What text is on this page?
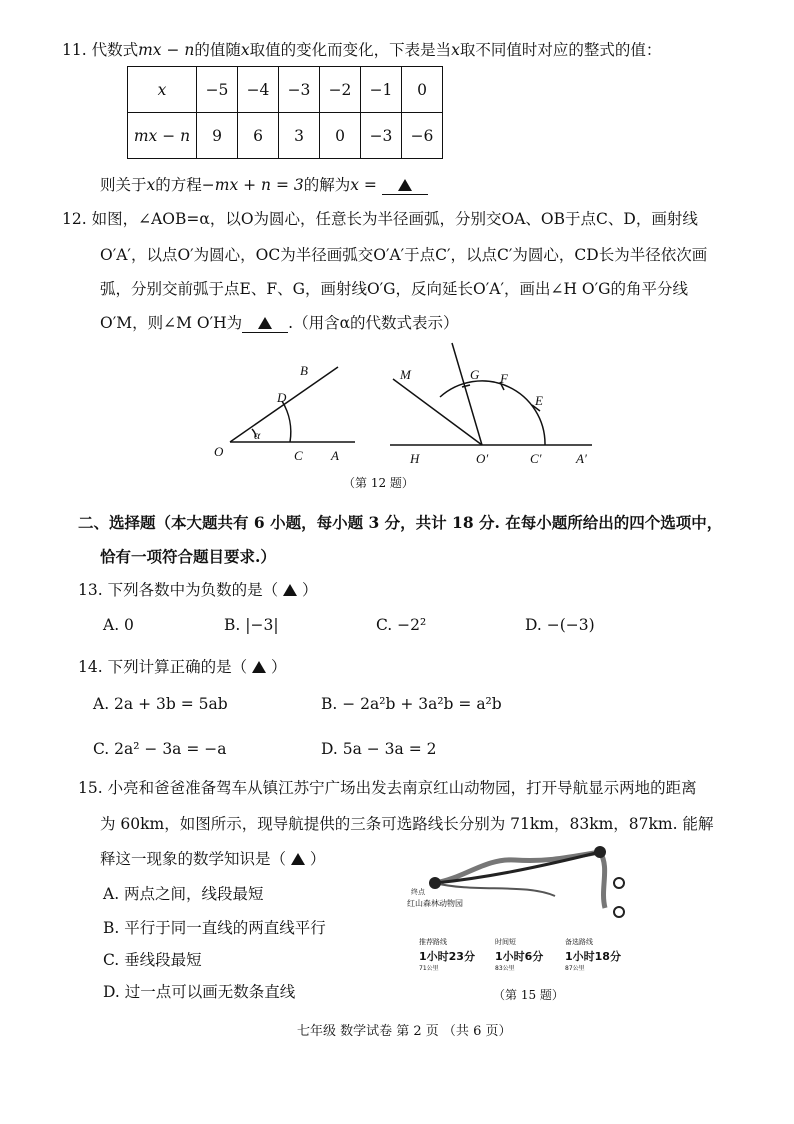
11. 代数式mx − n的值随x取值的变化而变化，下表是当x取不同值时对应的整式的值：
x	−5	−4	−3	−2	−1	0
mx − n	9	6	3	0	−3	−6
则关于x的方程−mx + n = 3的解为x =
12. 如图，∠AOB=α，以O为圆心，任意长为半径画弧，分别交OA、OB于点C、D，画射线
O′A′，以点O′为圆心，OC为半径画弧交O′A′于点C′，以点C′为圆心，CD长为半径依次画
弧，分别交前弧于点E、F、G，画射线O′G，反向延长O′A′，画出∠H O′G的角平分线
O′M，则∠M O′H为	.（用含α的代数式表示）
B
D
O
α
C A
M	G F
E
H	O′	C′	A′
（第 12 题）
二、选择题（本大题共有 6 小题，每小题 3 分，共计 18 分. 在每小题所给出的四个选项中，
恰有一项符合题目要求.）
13. 下列各数中为负数的是（ ）
A. 0	B. |−3|	C. −2²	D. −(−3)
14. 下列计算正确的是（ ）
A. 2a + 3b = 5ab	B. − 2a²b + 3a²b = a²b
C. 2a² − 3a = −a	D. 5a − 3a = 2
15. 小亮和爸爸准备驾车从镇江苏宁广场出发去南京红山动物园，打开导航显示两地的距离
为 60km，如图所示，现导航提供的三条可选路线长分别为 71km，83km，87km. 能解
释这一现象的数学知识是（ ）
A. 两点之间，线段最短
B. 平行于同一直线的两直线平行
C. 垂线段最短
D. 过一点可以画无数条直线
红山森林动物园
终点
推荐路线
1小时23分
71公里
时间短
1小时6分
83公里
备选路线
1小时18分
87公里
（第 15 题）
七年级 数学试卷 第 2 页 （共 6 页）
